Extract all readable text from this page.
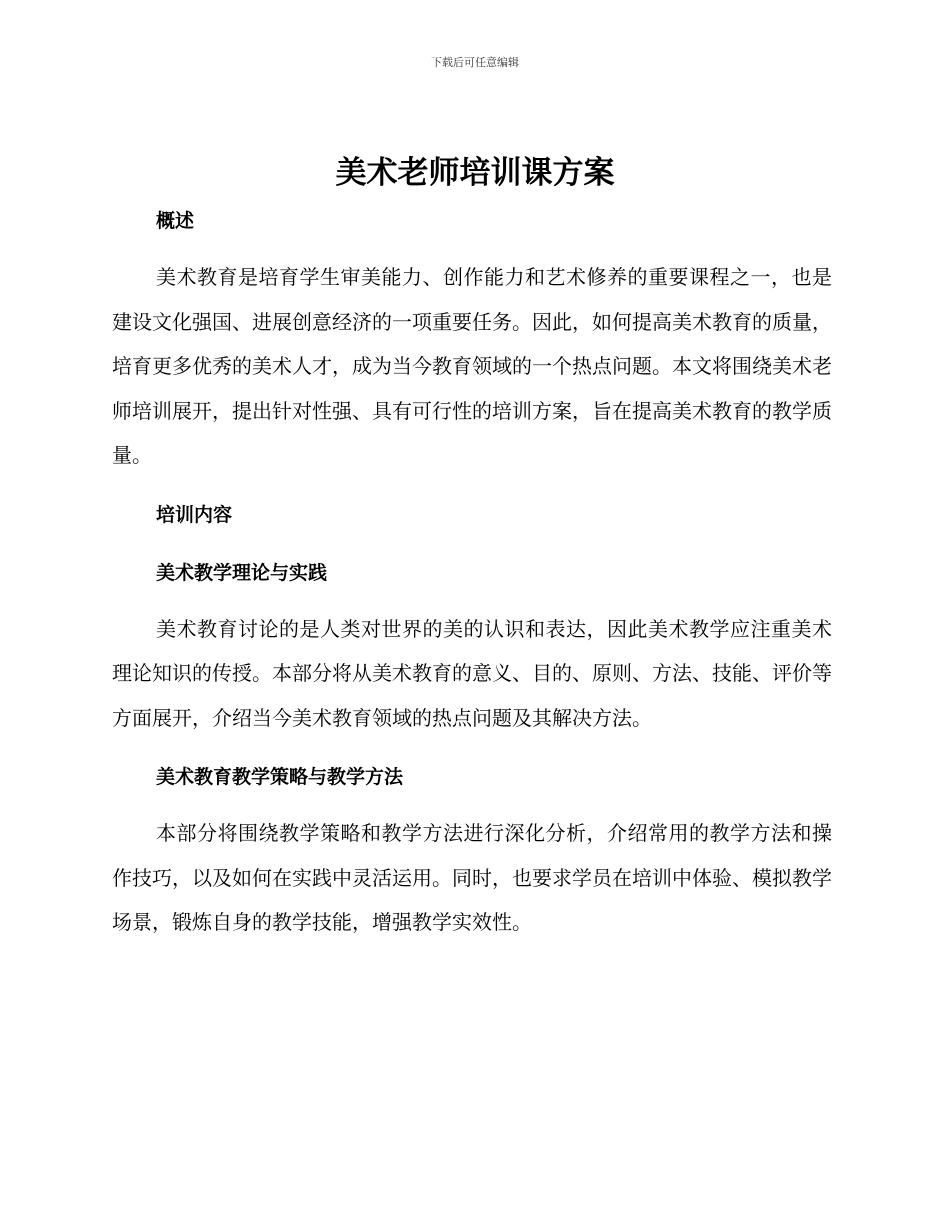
下载后可任意编辑
美术老师培训课方案
概述

美术教育是培育学生审美能力、创作能力和艺术修养的重要课程之一，也是建设文化强国、进展创意经济的一项重要任务。因此，如何提高美术教育的质量，培育更多优秀的美术人才，成为当今教育领域的一个热点问题。本文将围绕美术老师培训展开，提出针对性强、具有可行性的培训方案，旨在提高美术教育的教学质量。

培训内容
美术教学理论与实践

美术教育讨论的是人类对世界的美的认识和表达，因此美术教学应注重美术理论知识的传授。本部分将从美术教育的意义、目的、原则、方法、技能、评价等方面展开，介绍当今美术教育领域的热点问题及其解决方法。

美术教育教学策略与教学方法

本部分将围绕教学策略和教学方法进行深化分析，介绍常用的教学方法和操作技巧，以及如何在实践中灵活运用。同时，也要求学员在培训中体验、模拟教学场景，锻炼自身的教学技能，增强教学实效性。
